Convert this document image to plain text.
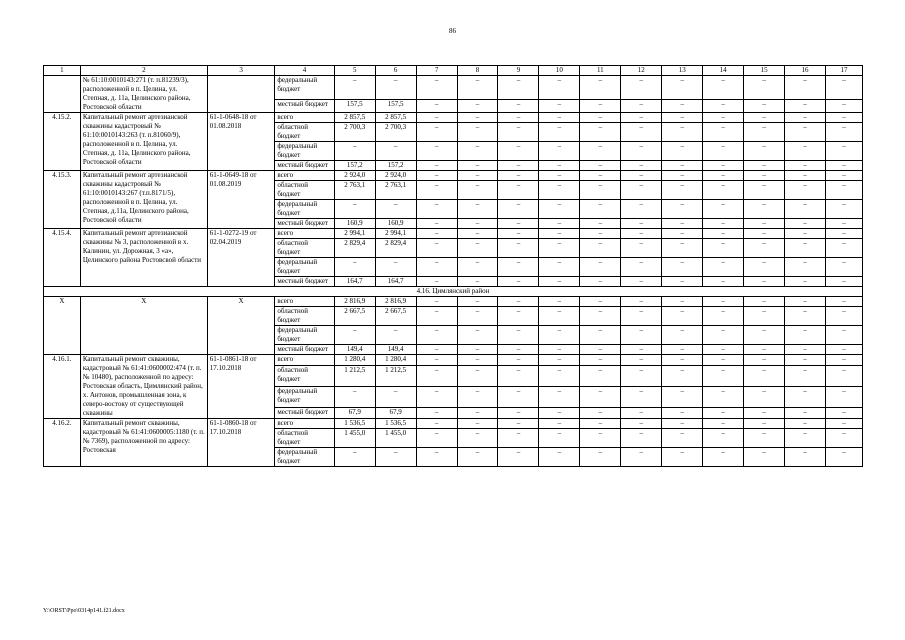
86
1	2	3	4	5	6	7	8	9	10	11	12	13	14	15	16	17
	№ 61:10:0010143:271 (т. п.81239/3), расположенной в п. Целина, ул. Степная, д. 11а, Целинского района, Ростовской области		федеральный бюджет	–	–	–	–	–	–	–	–	–	–	–	–	–
			местный бюджет	157,5	157,5	–	–	–	–	–	–	–	–	–	–	–
4.15.2.	Капитальный ремонт артезианской скважины кадастровый № 61:10:0010143:263 (т. п.81060/9), расположенной в п. Целина, ул. Степная, д. 11а, Целинского района, Ростовской области	61-1-0648-18 от 01.08.2018	всего	2 857,5	2 857,5	–	–	–	–	–	–	–	–	–	–	–
			областной бюджет	2 700,3	2 700,3	–	–	–	–	–	–	–	–	–	–	–
			федеральный бюджет	–	–	–	–	–	–	–	–	–	–	–	–	–
			местный бюджет	157,2	157,2	–	–	–	–	–	–	–	–	–	–	–
4.15.3.	Капитальный ремонт артезианской скважины кадастровый № 61:10:0010143:267 (т.п.8171/5), расположенной в п. Целина, ул. Степная, д.11а, Целинского района, Ростовской области	61-1-0649-18 от 01.08.2019	всего	2 924,0	2 924,0	–	–	–	–	–	–	–	–	–	–	–
			областной бюджет	2 763,1	2 763,1	–	–	–	–	–	–	–	–	–	–	–
			федеральный бюджет	–	–	–	–	–	–	–	–	–	–	–	–	–
			местный бюджет	160,9	160,9	–	–	–	–	–	–	–	–	–	–	–
4.15.4.	Капитальный ремонт артезианской скважины № 3, расположенной в х. Калинин, ул. Дорожная, 3 «а», Целинского района Ростовсвой области	61-1-0272-19 от 02.04.2019	всего	2 994,1	2 994,1	–	–	–	–	–	–	–	–	–	–	–
			областной бюджет	2 829,4	2 829,4	–	–	–	–	–	–	–	–	–	–	–
			федеральный бюджет	–	–	–	–	–	–	–	–	–	–	–	–	–
			местный бюджет	164,7	164,7	–	–	–	–	–	–	–	–	–	–	–
4.16. Цимлянский район																
Х	Х	Х	всего	2 816,9	2 816,9	–	–	–	–	–	–	–	–	–	–	–
			областной бюджет	2 667,5	2 667,5	–	–	–	–	–	–	–	–	–	–	–
			федеральный бюджет	–	–	–	–	–	–	–	–	–	–	–	–	–
			местный бюджет	149,4	149,4	–	–	–	–	–	–	–	–	–	–	–
4.16.1.	Капитальный ремонт скважины, кадастровый № 61:41:0600002:474 (т. п. № 10480), расположенной по адресу: Ростовская область, Цимлянский район, х. Антонов, промышленная зона, к северо-востоку от существующей скважины	61-1-0861-18 от 17.10.2018	всего	1 280,4	1 280,4	–	–	–	–	–	–	–	–	–	–	–
			областной бюджет	1 212,5	1 212,5	–	–	–	–	–	–	–	–	–	–	–
			федеральный бюджет	–	–	–	–	–	–	–	–	–	–	–	–	–
			местный бюджет	67,9	67,9	–	–	–	–	–	–	–	–	–	–	–
4.16.2.	Капитальный ремонт скважины, кадастровый № 61:41:0600005:1180 (т. п. № 7369), расположенной по адресу: Ростовская	61-1-0860-18 от 17.10.2018	всего	1 536,5	1 536,5	–	–	–	–	–	–	–	–	–	–	–
			областной бюджет	1 455,0	1 455,0	–	–	–	–	–	–	–	–	–	–	–
			федеральный бюджет	–	–	–	–	–	–	–	–	–	–	–	–	–
Y:\ORST\Ppo\0314p141.f21.docx
